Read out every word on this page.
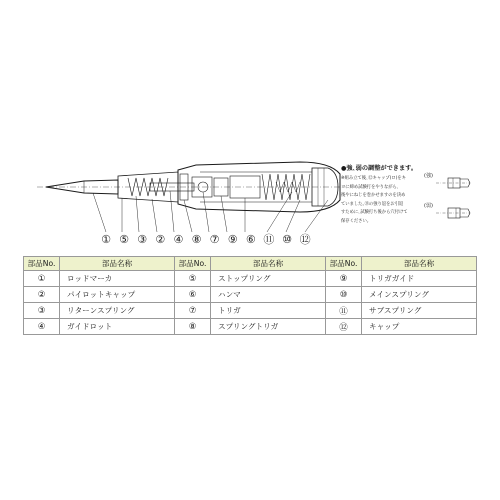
① ⑤ ③ ② ④ ⑧ ⑦ ⑨ ⑥ ⑪ ⑩ ⑫
●強､弱の調整ができます。
※組み立て後､⑫キャップ(ロ)をキ
ヨに締め試験打をやりながら､
後やにねじを巻かせますのを決め
ていました｡⑬の強り返をお引返
すために､試験打ち後から穴付けて
保存ください｡
(強)
(弱)
部品No.	部品名称	部品No.	部品名称	部品No.	部品名称
①	ロッドマーカ	⑤	ストップリング	⑨	トリガガイド
②	パイロットキャップ	⑥	ハンマ	⑩	メインスプリング
③	リターンスプリング	⑦	トリガ	⑪	サブスプリング
④	ガイドロット	⑧	スプリングトリガ	⑫	キャップ
